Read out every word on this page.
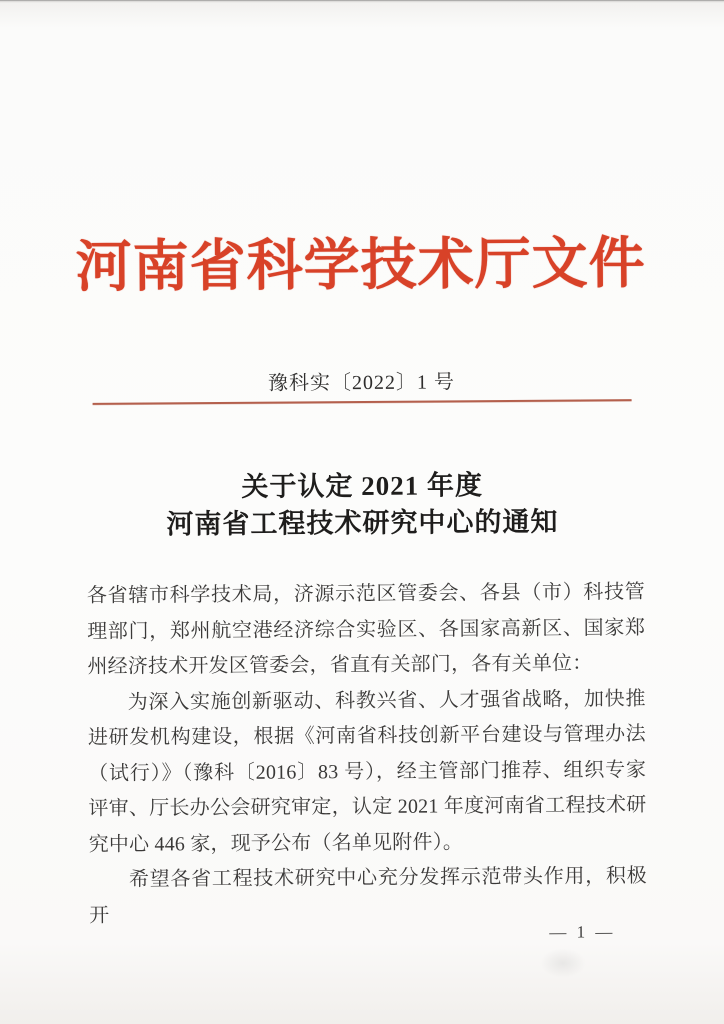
河南省科学技术厅文件
豫科实〔2022〕1 号
关于认定 2021 年度
河南省工程技术研究中心的通知

各省辖市科学技术局，济源示范区管委会、各县（市）科技管理部门，郑州航空港经济综合实验区、各国家高新区、国家郑州经济技术开发区管委会，省直有关部门，各有关单位：

为深入实施创新驱动、科教兴省、人才强省战略，加快推进研发机构建设，根据《河南省科技创新平台建设与管理办法（试行）》（豫科〔2016〕83 号），经主管部门推荐、组织专家评审、厅长办公会研究审定，认定 2021 年度河南省工程技术研究中心 446 家，现予公布（名单见附件）。

希望各省工程技术研究中心充分发挥示范带头作用，积极开

— 1 —
